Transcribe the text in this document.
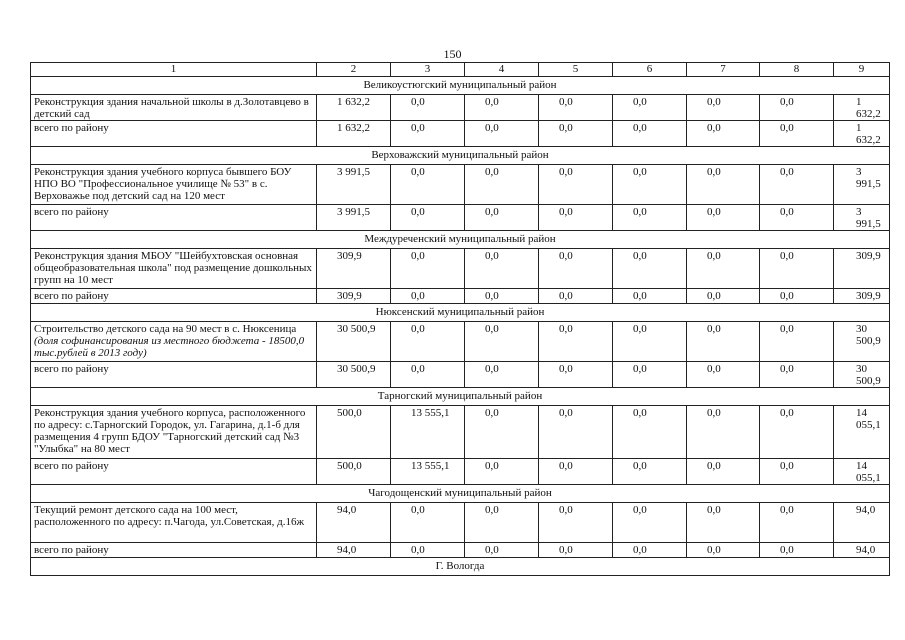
150
1	2	3	4	5	6	7	8	9
Великоустюгский муниципальный район								
Реконструкция здания начальной школы в д.Золотавцево в детский сад	1 632,2	0,0	0,0	0,0	0,0	0,0	0,0	1 632,2
всего по району	1 632,2	0,0	0,0	0,0	0,0	0,0	0,0	1 632,2
Верховажский муниципальный район								
Реконструкция здания учебного корпуса бывшего БОУ НПО ВО "Профессиональное училище № 53" в с. Верховажье под детский сад на 120 мест	3 991,5	0,0	0,0	0,0	0,0	0,0	0,0	3 991,5
всего по району	3 991,5	0,0	0,0	0,0	0,0	0,0	0,0	3 991,5
Междуреченский муниципальный район								
Реконструкция здания МБОУ "Шейбухтовская основная общеобразовательная школа" под размещение дошкольных групп на 10 мест	309,9	0,0	0,0	0,0	0,0	0,0	0,0	309,9
всего по району	309,9	0,0	0,0	0,0	0,0	0,0	0,0	309,9
Нюксенский муниципальный район								
Строительство детского сада на 90 мест в с. Нюксеница (доля софинансирования из местного бюджета - 18500,0 тыс.рублей в 2013 году)	30 500,9	0,0	0,0	0,0	0,0	0,0	0,0	30 500,9
всего по району	30 500,9	0,0	0,0	0,0	0,0	0,0	0,0	30 500,9
Тарногский муниципальный район								
Реконструкция здания учебного корпуса, расположенного по адресу: с.Тарногский Городок, ул. Гагарина, д.1-б для размещения 4 групп БДОУ "Тарногский детский сад №3 "Улыбка" на 80 мест	500,0	13 555,1	0,0	0,0	0,0	0,0	0,0	14 055,1
всего по району	500,0	13 555,1	0,0	0,0	0,0	0,0	0,0	14 055,1
Чагодощенский муниципальный район								
Текущий ремонт детского сада на 100 мест, расположенного по адресу: п.Чагода, ул.Советская, д.16ж	94,0	0,0	0,0	0,0	0,0	0,0	0,0	94,0
всего по району	94,0	0,0	0,0	0,0	0,0	0,0	0,0	94,0
Г. Вологда								
